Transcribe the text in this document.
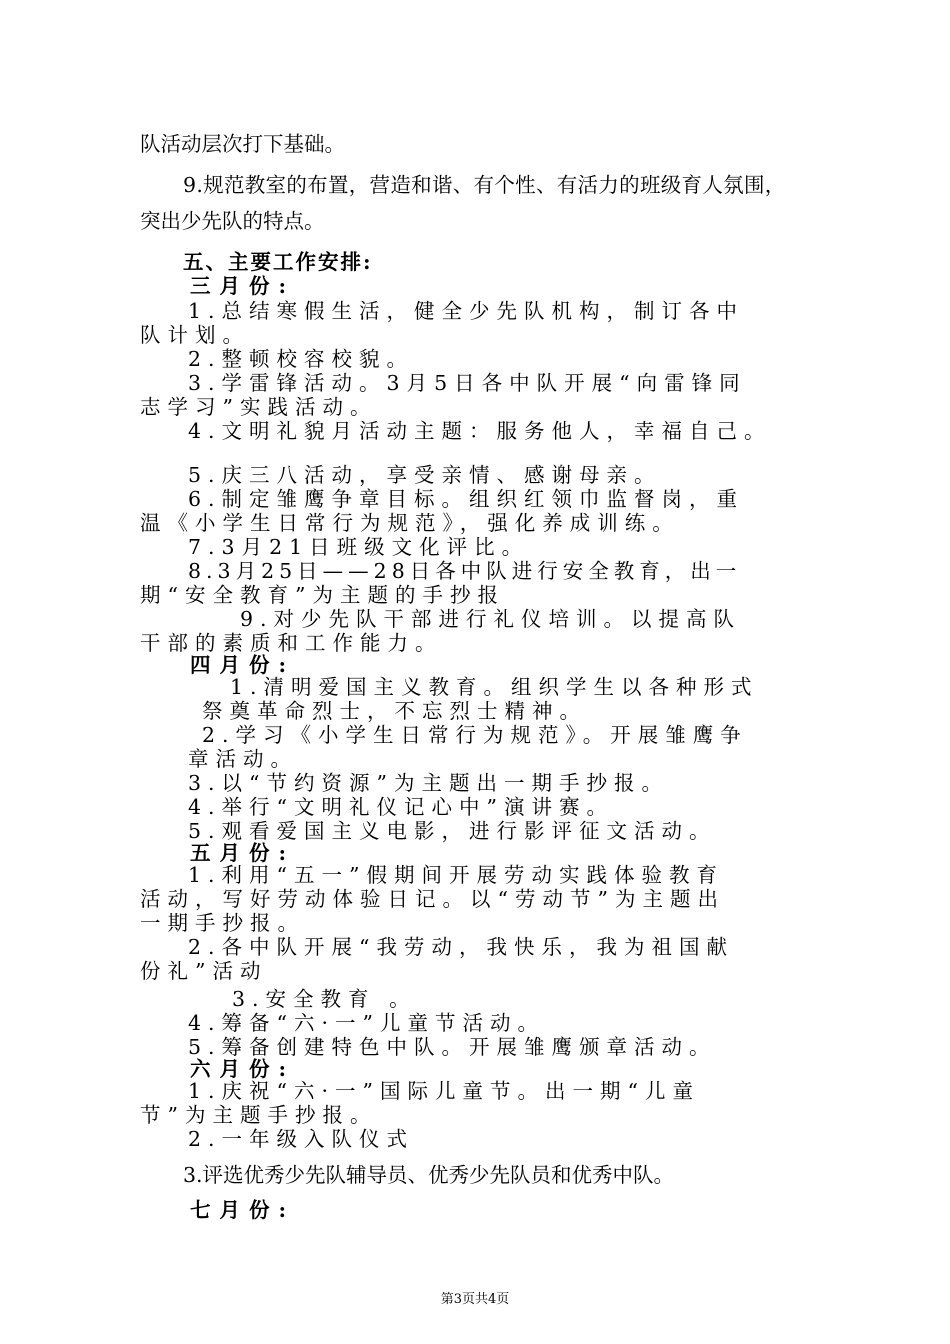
队活动层次打下基础。
9.规范教室的布置，营造和谐、有个性、有活力的班级育人氛围，
突出少先队的特点。
五、主要工作安排:
三月份:
1.总结寒假生活，健全少先队机构，制订各中
队计划。
2.整顿校容校貌。
3.学雷锋活动。3月5日各中队开展“向雷锋同
志学习”实践活动。
4.文明礼貌月活动主题：服务他人，幸福自己。
5.庆三八活动，享受亲情、感谢母亲。
6.制定雏鹰争章目标。组织红领巾监督岗，重
温《小学生日常行为规范》，强化养成训练。
7.3月21日班级文化评比。
8.3月25日——28日各中队进行安全教育，出一
期“安全教育”为主题的手抄报
9.对少先队干部进行礼仪培训。以提高队
干部的素质和工作能力。
四月份:
1.清明爱国主义教育。组织学生以各种形式
祭奠革命烈士，不忘烈士精神。
2.学习《小学生日常行为规范》。开展雏鹰争
章活动。
3.以“节约资源”为主题出一期手抄报。
4.举行“文明礼仪记心中”演讲赛。
5.观看爱国主义电影，进行影评征文活动。
五月份:
1.利用“五一”假期间开展劳动实践体验教育
活动，写好劳动体验日记。以“劳动节”为主题出
一期手抄报。
2.各中队开展“我劳动，我快乐，我为祖国献
份礼”活动
3.安全教育 。
4.筹备“六·一”儿童节活动。
5.筹备创建特色中队。开展雏鹰颁章活动。
六月份:
1.庆祝“六·一”国际儿童节。出一期“儿童
节”为主题手抄报。
2.一年级入队仪式
3.评选优秀少先队辅导员、优秀少先队员和优秀中队。
七月份:
第3页共4页
